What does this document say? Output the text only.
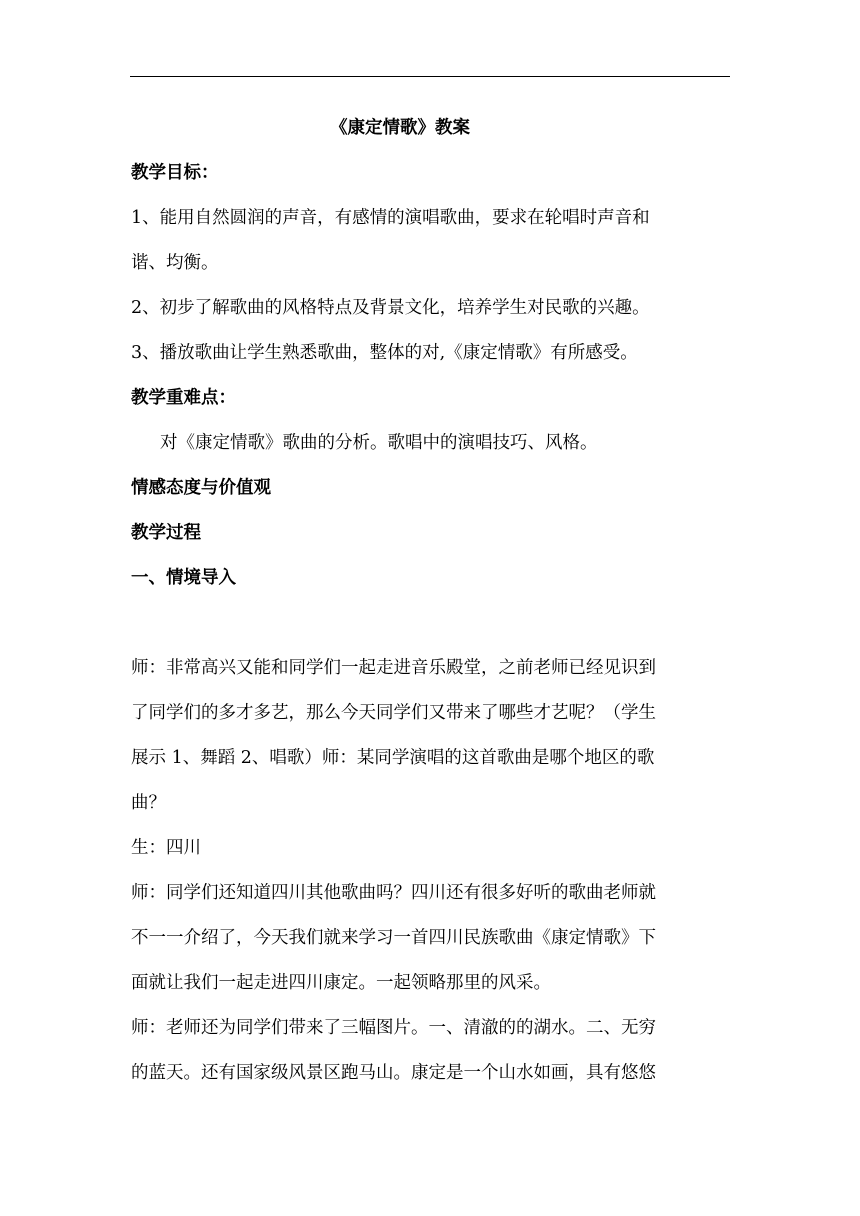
《康定情歌》教案
教学目标：
1、能用自然圆润的声音，有感情的演唱歌曲，要求在轮唱时声音和
谐、均衡。
2、初步了解歌曲的风格特点及背景文化，培养学生对民歌的兴趣。
3、播放歌曲让学生熟悉歌曲，整体的对,《康定情歌》有所感受。
教学重难点：
对《康定情歌》歌曲的分析。歌唱中的演唱技巧、风格。
情感态度与价值观
教学过程
一、情境导入
师：非常高兴又能和同学们一起走进音乐殿堂，之前老师已经见识到
了同学们的多才多艺，那么今天同学们又带来了哪些才艺呢？（学生
展示 1、舞蹈 2、唱歌）师：某同学演唱的这首歌曲是哪个地区的歌
曲？
生：四川
师：同学们还知道四川其他歌曲吗？四川还有很多好听的歌曲老师就
不一一介绍了，今天我们就来学习一首四川民族歌曲《康定情歌》下
面就让我们一起走进四川康定。一起领略那里的风采。
师：老师还为同学们带来了三幅图片。一、清澈的的湖水。二、无穷
的蓝天。还有国家级风景区跑马山。康定是一个山水如画，具有悠悠
